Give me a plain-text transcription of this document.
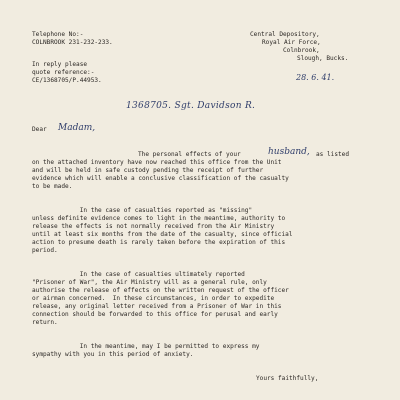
Telephone No:-
COLNBROOK 231-232-233.
In reply please
quote reference:-
CE/1368705/P.44953.
Central Depository,
Royal Air Force,
Colnbrook,
Slough, Bucks.
28. 6. 41.
1368705. Sgt. Davidson R.
Dear Madam,
The personal effects of your	husband, as listed
on the attached inventory have now reached this office from the Unit
and will be held in safe custody pending the receipt of further
evidence which will enable a conclusive classification of the casualty
to be made.
In the case of casualties reported as "missing"
unless definite evidence comes to light in the meantime, authority to
release the effects is not normally received from the Air Ministry
until at least six months from the date of the casualty, since official
action to presume death is rarely taken before the expiration of this
period.
In the case of casualties ultimately reported
"Prisoner of War", the Air Ministry will as a general rule, only
authorise the release of effects on the written request of the officer
or airman concerned.  In these circumstances, in order to expedite
release, any original letter received from a Prisoner of War in this
connection should be forwarded to this office for perusal and early
return.
In the meantime, may I be permitted to express my
sympathy with you in this period of anxiety.
Yours faithfully,
